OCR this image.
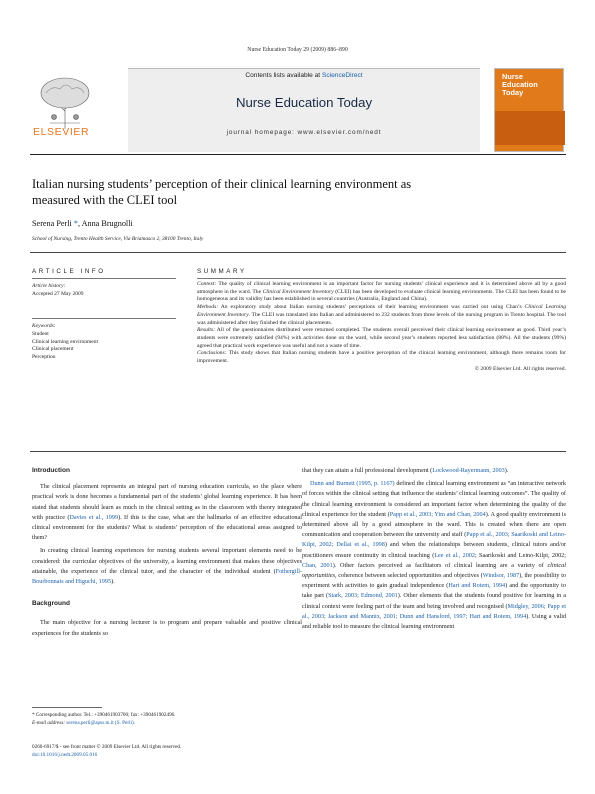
Nurse Education Today 29 (2009) 886–890
ELSEVIER
Contents lists available at ScienceDirect
Nurse Education Today
journal homepage: www.elsevier.com/nedt
Nurse
Education
Today
Italian nursing students’ perception of their clinical learning environment as measured with the CLEI tool
Serena Perli *, Anna Brugnolli
School of Nursing, Trento Health Service, Via Briamasco 2, 38100 Trento, Italy
ARTICLE INFO
Article history:
Accepted 27 May 2009
Keywords:
Student
Clinical learning environment
Clinical placement
Perception
SUMMARY

Context: The quality of clinical learning environment is an important factor for nursing students’ clinical experience and it is determined above all by a good atmosphere in the ward. The Clinical Environment Inventory (CLEI) has been developed to evaluate clinical learning environments. The CLEI has been found to be homogeneous and its validity has been established in several countries (Australia, England and China).

Methods: An exploratory study about Italian nursing students’ perceptions of their learning environment was carried out using Chan’s Clinical Learning Environment Inventory. The CLEI was translated into Italian and administered to 232 students from three levels of the nursing program in Trento hospital. The tool was administered after they finished the clinical placements.

Results: All of the questionnaires distributed were returned completed. The students overall perceived their clinical learning environment as good. Third year’s students were extremely satisfied (94%) with activities done on the ward, while second year’s students reported less satisfaction (88%). All the students (99%) agreed that practical work experience was useful and not a waste of time.

Conclusions: This study shows that Italian nursing students have a positive perception of the clinical learning environment, although there remains room for improvement.

© 2009 Elsevier Ltd. All rights reserved.

Introduction

The clinical placement represents an integral part of nursing education curricula, so the place where practical work is done becomes a fundamental part of the students’ global learning experience. It has been stated that students should learn as much in the clinical setting as in the classroom with theory integrated with practice (Davies et al., 1999). If this is the case, what are the hallmarks of an effective educational clinical environment for the students? What is students’ perception of the educational areas assigned to them?

In creating clinical learning experiences for nursing students several important elements need to be considered: the curricular objectives of the university, a learning environment that makes these objectives attainable, the experience of the clinical tutor, and the character of the individual student (Fothergill-Bourbonnais and Higuchi, 1995).

Background

The main objective for a nursing lecturer is to program and prepare valuable and positive clinical experiences for the students so

that they can attain a full professional development (Lockwood-Rayermann, 2003).

Dunn and Burnett (1995, p. 1167) defined the clinical learning environment as “an interactive network of forces within the clinical setting that influence the students’ clinical learning outcomes”. The quality of the clinical learning environment is considered an important factor when determining the quality of the clinical experience for the student (Papp et al., 2003; Yim and Chan, 2004). A good quality environment is determined above all by a good atmosphere in the ward. This is created when there are open communication and cooperation between the university and staff (Papp et al., 2003; Saarikoski and Leino-Kilpi, 2002; Dellai et al., 1998) and when the relationships between students, clinical tutors and/or practitioners ensure continuity in clinical teaching (Lee et al., 2002; Saarikoski and Leino-Kilpi, 2002; Chan, 2001). Other factors perceived as facilitators of clinical learning are a variety of clinical opportunities, coherence between selected opportunities and objectives (Windsor, 1987), the possibility to experiment with activities to gain gradual independence (Hart and Rotem, 1994) and the opportunity to take part (Stark, 2003; Edmond, 2001). Other elements that the students found positive for learning in a clinical context were feeling part of the team and being involved and recognised (Midgley, 2006; Papp et al., 2003; Jackson and Mannix, 2001; Dunn and Hansford, 1997; Hart and Rotem, 1994). Using a valid and reliable tool to measure the clinical learning environment

* Corresponding author. Tel.: +390461903700; fax: +390461902496.
E-mail address: serena.perli@apss.tn.it (S. Perli).
0260-6917/$ - see front matter © 2009 Elsevier Ltd. All rights reserved.
doi:10.1016/j.nedt.2009.05.016
